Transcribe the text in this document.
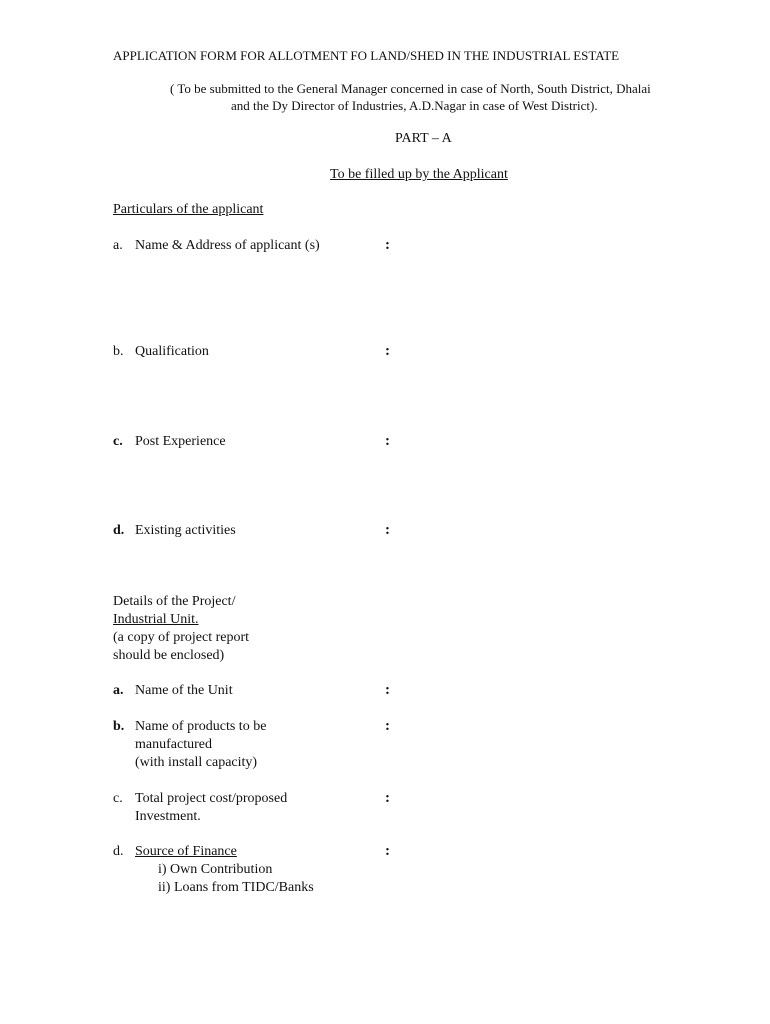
APPLICATION FORM FOR ALLOTMENT FO LAND/SHED IN THE INDUSTRIAL ESTATE
( To be submitted to the General Manager concerned in case of North, South District, Dhalai
and the Dy Director of Industries, A.D.Nagar in case of West District).
PART – A
To be filled up by the Applicant
Particulars of the applicant
a. Name & Address of applicant (s)	:
b. Qualification	:
c. Post Experience	:
d. Existing activities	:
Details of the Project/
Industrial Unit.
(a copy of project report
should be enclosed)
a. Name of the Unit	:
b. Name of products to be
manufactured
(with install capacity)
:
c. Total project cost/proposed
Investment.
:
d. Source of Finance
i) Own Contribution
ii) Loans from TIDC/Banks
:
